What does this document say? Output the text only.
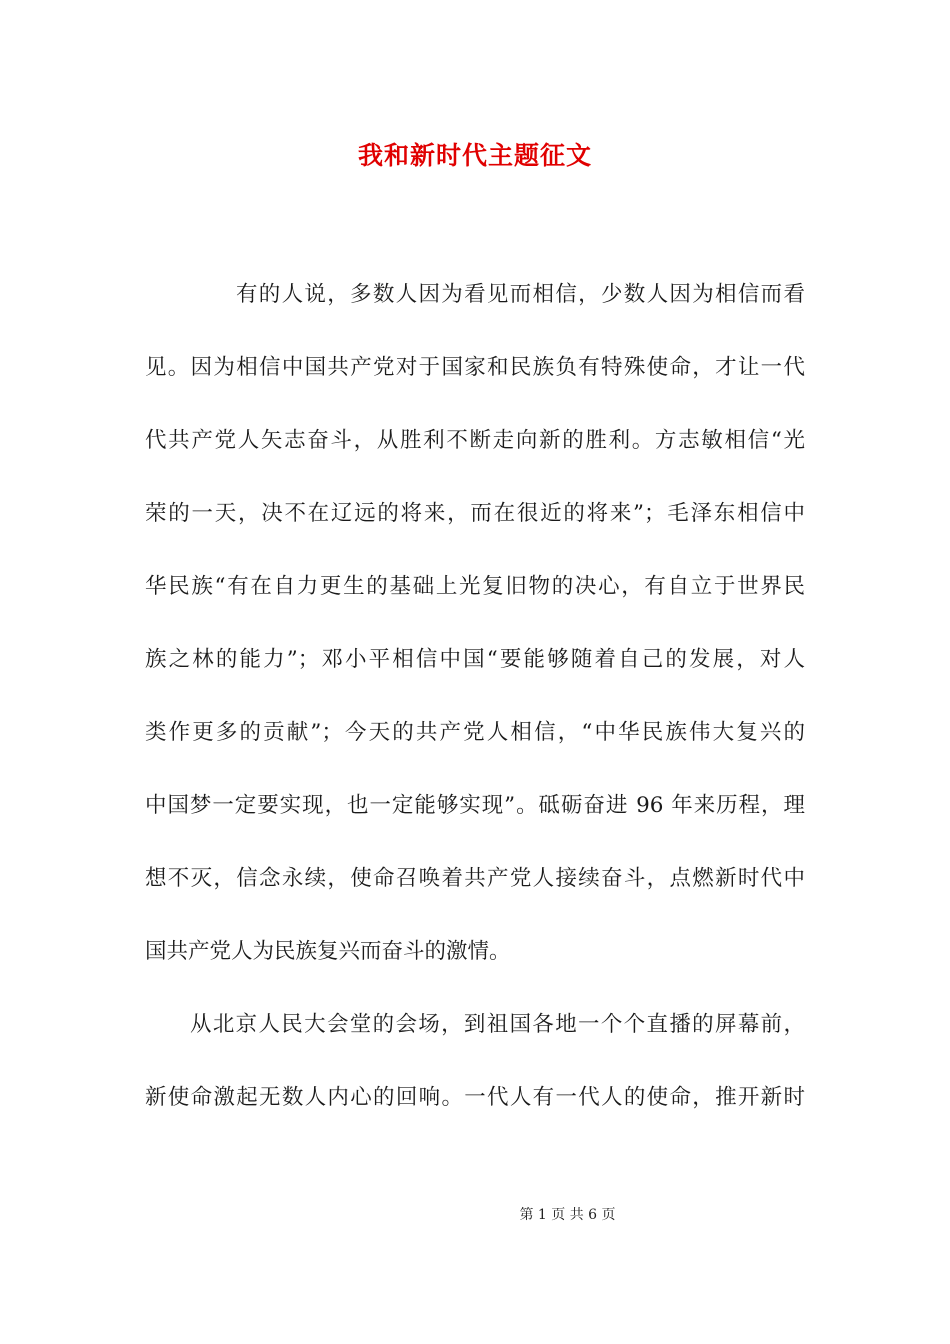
我和新时代主题征文
有的人说，多数人因为看见而相信，少数人因为相信而看
见。因为相信中国共产党对于国家和民族负有特殊使命，才让一代
代共产党人矢志奋斗，从胜利不断走向新的胜利。方志敏相信“光
荣的一天，决不在辽远的将来，而在很近的将来”；毛泽东相信中
华民族“有在自力更生的基础上光复旧物的决心，有自立于世界民
族之林的能力”；邓小平相信中国“要能够随着自己的发展，对人
类作更多的贡献”；今天的共产党人相信，“中华民族伟大复兴的
中国梦一定要实现，也一定能够实现”。砥砺奋进 96 年来历程，理
想不灭，信念永续，使命召唤着共产党人接续奋斗，点燃新时代中
国共产党人为民族复兴而奋斗的激情。
从北京人民大会堂的会场，到祖国各地一个个直播的屏幕前，
新使命激起无数人内心的回响。一代人有一代人的使命，推开新时
第 1 页 共 6 页
